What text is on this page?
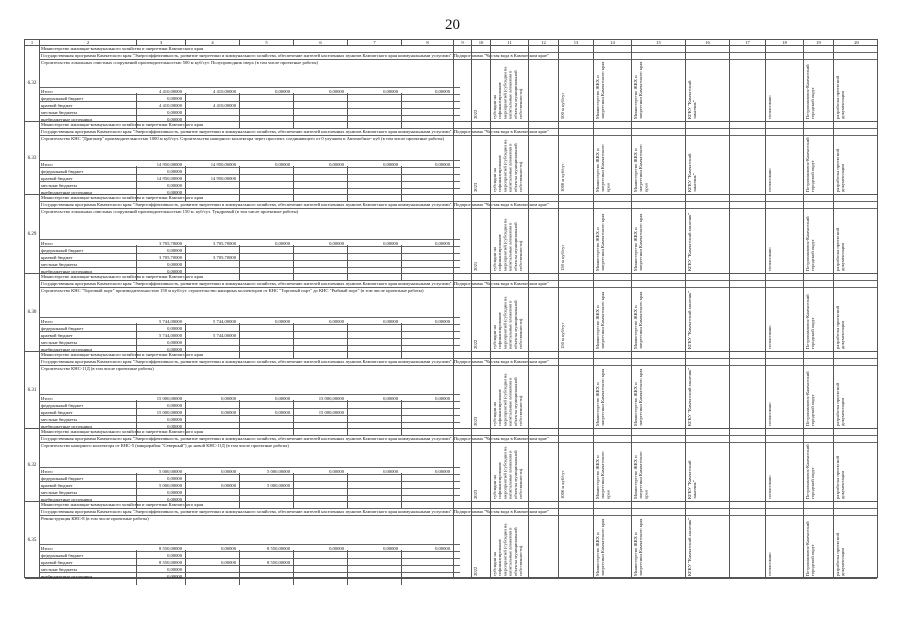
20
1	2	3	4	5	6	7	8	9	10	11	12	13	14	15	16	17	18	19	20
6.32
Министерство жилищно-коммунального хозяйства и энергетики Камчатского края
Государственная программа Камчатского края "Энергоэффективность, развитие энергетики и коммунального хозяйства, обеспечение жителей населенных пунктов Камчатского края коммунальными услугами". Подпрограмма "Чистая вода в Камчатском крае"
Строительство локальных очистных сооружений производительностью 500 м куб/сут. Полупроводник сверх (в том числе проектные работы)
Итого	4 410,00000	4 410,00000	0,00000	0,00000	0,00000	0,00000
федеральный бюджет	0,00000
краевой бюджет	4 410,00000	4 410,00000
местные бюджеты	0,00000
внебюджетные источники	0,00000
2022	субсидии на софинансирование мероприятий (субсидии на капитальные вложения в объекты муниципальной собственности)	500 м куб/сут	Министерство ЖКХ и энергетики Камчатского края	Министерство ЖКХ и энергетики Камчатского края	КГКУ "Камчатский заказчик"	согласовано	Петропавловск-Камчатский городской округ	разработка проектной документации
6.33
Министерство жилищно-коммунального хозяйства и энергетики Камчатского края
Государственная программа Камчатского края "Энергоэффективность, развитие энергетики и коммунального хозяйства, обеспечение жителей населенных пунктов Камчатского края коммунальными услугами". Подпрограмма "Чистая вода в Камчатском крае"
Строительство КНС "Драгонер" производительностью 1000 м куб/сут. Строительство напорного коллектора через проспект, соединяющего от 0 улучшен и Автомобиле- куб (в том числе проектные работы)
Итого	14 950,00000	14 950,00000	0,00000	0,00000	0,00000	0,00000
федеральный бюджет	0,00000
краевой бюджет	14 950,00000	14 950,00000
местные бюджеты	0,00000
внебюджетные источники	0,00000
2023	субсидии на софинансирование мероприятий (субсидии на капитальные вложения в объекты муниципальной собственности)	1000 м куб/сут	Министерство ЖКХ и энергетики Камчатского края	Министерство ЖКХ и энергетики Камчатского края	КГКУ "Камчатский заказчик"	согласовано	Петропавловск-Камчатский городской округ	разработка проектной документации
6.29
Министерство жилищно-коммунального хозяйства и энергетики Камчатского края
Государственная программа Камчатского края "Энергоэффективность, развитие энергетики и коммунального хозяйства, обеспечение жителей населенных пунктов Камчатского края коммунальными услугами". Подпрограмма "Чистая вода в Камчатском крае"
Строительство локальных очистных сооружений производительностью 150 м. куб/сут. Тундровый (в том числе проектные работы)
Итого	3 705,70000	3 705,70000	0,00000	0,00000	0,00000	0,00000
федеральный бюджет	0,00000
краевой бюджет	3 705,70000	3 705,70000
местные бюджеты	0,00000
внебюджетные источники	0,00000
2021	субсидии на софинансирование мероприятий (субсидии на капитальные вложения в объекты муниципальной собственности)	150 м куб/сут	Министерство ЖКХ и энергетики Камчатского края	Министерство ЖКХ и энергетики Камчатского края	КГКУ "Камчатский заказчик"	согласовано	Петропавловск-Камчатский городской округ	разработка проектной документации
6.30
Министерство жилищно-коммунального хозяйства и энергетики Камчатского края
Государственная программа Камчатского края "Энергоэффективность, развитие энергетики и коммунального хозяйства, обеспечение жителей населенных пунктов Камчатского края коммунальными услугами". Подпрограмма "Чистая вода в Камчатском крае"
Строительство КНС "Торговый порт" производительностью 150 м куб/сут. строительство напорных коллекторов от КНС "Торговый порт" до КНС "Рыбный порт" (в том числе проектные работы)
Итого	5 744,00000	5 744,00000	0,00000	0,00000	0,00000	0,00000
федеральный бюджет	0,00000
краевой бюджет	5 744,00000	5 744,00000
местные бюджеты	0,00000
внебюджетные источники	0,00000
2022	субсидии на софинансирование мероприятий (субсидии на капитальные вложения в объекты муниципальной собственности)	150 м куб/сут	Министерство ЖКХ и энергетики Камчатского края	Министерство ЖКХ и энергетики Камчатского края	КГКУ "Камчатский заказчик"	согласовано	Петропавловск-Камчатский городской округ	разработка проектной документации
6.31
Министерство жилищно-коммунального хозяйства и энергетики Камчатского края
Государственная программа Камчатского края "Энергоэффективность, развитие энергетики и коммунального хозяйства, обеспечение жителей населенных пунктов Камчатского края коммунальными услугами". Подпрограмма "Чистая вода в Камчатском крае"
Строительство КНС-11Д (в том числе проектные работы)
Итого	15 000,00000	0,00000	0,00000	15 000,00000	0,00000	0,00000
федеральный бюджет	0,00000
краевой бюджет	15 000,00000	0,00000	0,00000	15 000,00000
местные бюджеты	0,00000
внебюджетные источники	0,00000
2023	субсидии на софинансирование мероприятий (субсидии на капитальные вложения в объекты муниципальной собственности)	Министерство ЖКХ и энергетики Камчатского края	Министерство ЖКХ и энергетики Камчатского края	КГКУ "Камчатский заказчик"	согласовано	Петропавловск-Камчатский городской округ	разработка проектной документации
6.32
Министерство жилищно-коммунального хозяйства и энергетики Камчатского края
Государственная программа Камчатского края "Энергоэффективность, развитие энергетики и коммунального хозяйства, обеспечение жителей населенных пунктов Камчатского края коммунальными услугами". Подпрограмма "Чистая вода в Камчатском крае"
Строительство напорного коллектора от КНС-5 (микрорайон "Северный") до новой КНС-11Д (в том числе проектные работы)
Итого	5 000,00000	0,00000	5 000,00000	0,00000	0,00000	0,00000
федеральный бюджет	0,00000
краевой бюджет	5 000,00000	0,00000	5 000,00000
местные бюджеты	0,00000
внебюджетные источники	0,00000
2023	субсидии на софинансирование мероприятий (субсидии на капитальные вложения в объекты муниципальной собственности)	1000 м куб/сут	Министерство ЖКХ и энергетики Камчатского края	Министерство ЖКХ и энергетики Камчатского края	КГКУ "Камчатский заказчик"	согласовано	Петропавловск-Камчатский городской округ	разработка проектной документации
6.35
Министерство жилищно-коммунального хозяйства и энергетики Камчатского края
Государственная программа Камчатского края "Энергоэффективность, развитие энергетики и коммунального хозяйства, обеспечение жителей населенных пунктов Камчатского края коммунальными услугами". Подпрограмма "Чистая вода в Камчатском крае"
Реконструкция КНС-8 (в том числе проектные работы)
Итого	8 550,00000	0,00000	8 550,00000	0,00000	0,00000	0,00000
федеральный бюджет	0,00000
краевой бюджет	8 550,00000	0,00000	8 550,00000
местные бюджеты	0,00000
внебюджетные источники	0,00000
2022	субсидии на софинансирование мероприятий (субсидии на капитальные вложения в объекты муниципальной собственности)	Министерство ЖКХ и энергетики Камчатского края	Министерство ЖКХ и энергетики Камчатского края	КГКУ "Камчатский заказчик"	согласовано	Петропавловск-Камчатский городской округ	разработка проектной документации
